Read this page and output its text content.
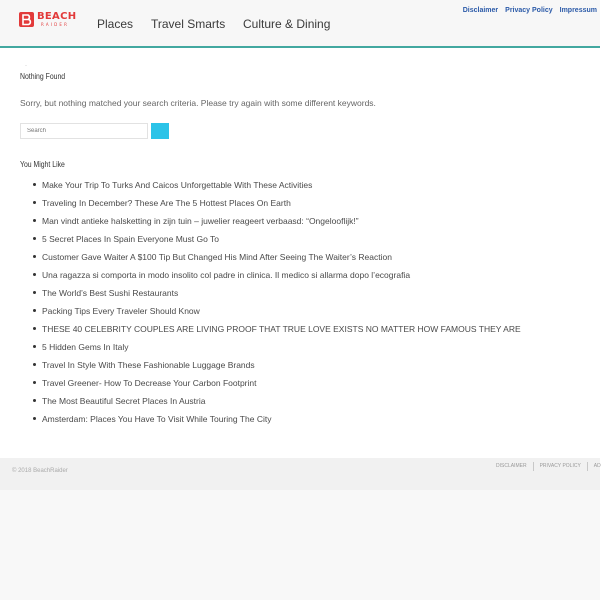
BEACH
RAIDER	Places Travel Smarts Culture & Dining
Disclaimer Privacy Policy Impressum
·
Nothing Found
Sorry, but nothing matched your search criteria. Please try again with some different keywords.
Search
You Might Like
Make Your Trip To Turks And Caicos Unforgettable With These Activities
Traveling In December? These Are The 5 Hottest Places On Earth
Man vindt antieke halsketting in zijn tuin – juwelier reageert verbaasd: “Ongelooflijk!”
5 Secret Places In Spain Everyone Must Go To
Customer Gave Waiter A $100 Tip But Changed His Mind After Seeing The Waiter’s Reaction
Una ragazza si comporta in modo insolito col padre in clinica. Il medico si allarma dopo l’ecografia
The World’s Best Sushi Restaurants
Packing Tips Every Traveler Should Know
THESE 40 CELEBRITY COUPLES ARE LIVING PROOF THAT TRUE LOVE EXISTS NO MATTER HOW FAMOUS THEY ARE
5 Hidden Gems In Italy
Travel In Style With These Fashionable Luggage Brands
Travel Greener- How To Decrease Your Carbon Footprint
The Most Beautiful Secret Places In Austria
Amsterdam: Places You Have To Visit While Touring The City
© 2018 BeachRaider
DISCLAIMER	PRIVACY POLICY	AD
